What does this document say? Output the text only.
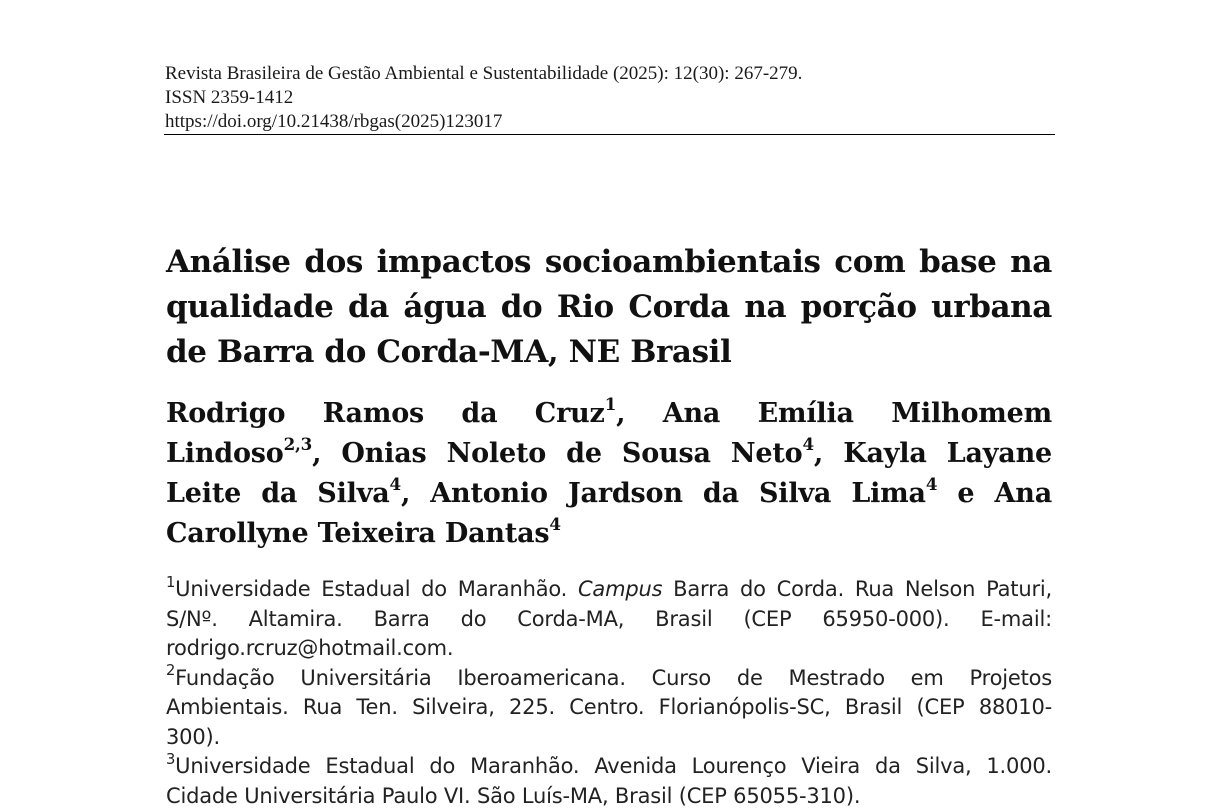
Revista Brasileira de Gestão Ambiental e Sustentabilidade (2025): 12(30): 267-279.
ISSN 2359-1412
https://doi.org/10.21438/rbgas(2025)123017
Análise dos impactos socioambientais com base na
qualidade da água do Rio Corda na porção urbana
de Barra do Corda-MA, NE Brasil
Rodrigo Ramos da Cruz$^1$, Ana Emília Milhomem
Lindoso$^{2,3}$, Onias Noleto de Sousa Neto$^4$, Kayla Layane
Leite da Silva$^4$, Antonio Jardson da Silva Lima$^4$ e Ana
Carollyne Teixeira Dantas$^4$
$^1$Universidade Estadual do Maranhão. Campus Barra do Corda. Rua Nelson Paturi,
S/Nº. Altamira. Barra do Corda-MA, Brasil (CEP 65950-000). E-mail:
rodrigo.rcruz@hotmail.com.
$^2$Fundação Universitária Iberoamericana. Curso de Mestrado em Projetos
Ambientais. Rua Ten. Silveira, 225. Centro. Florianópolis-SC, Brasil (CEP 88010-
300).
$^3$Universidade Estadual do Maranhão. Avenida Lourenço Vieira da Silva, 1.000.
Cidade Universitária Paulo VI. São Luís-MA, Brasil (CEP 65055-310).
